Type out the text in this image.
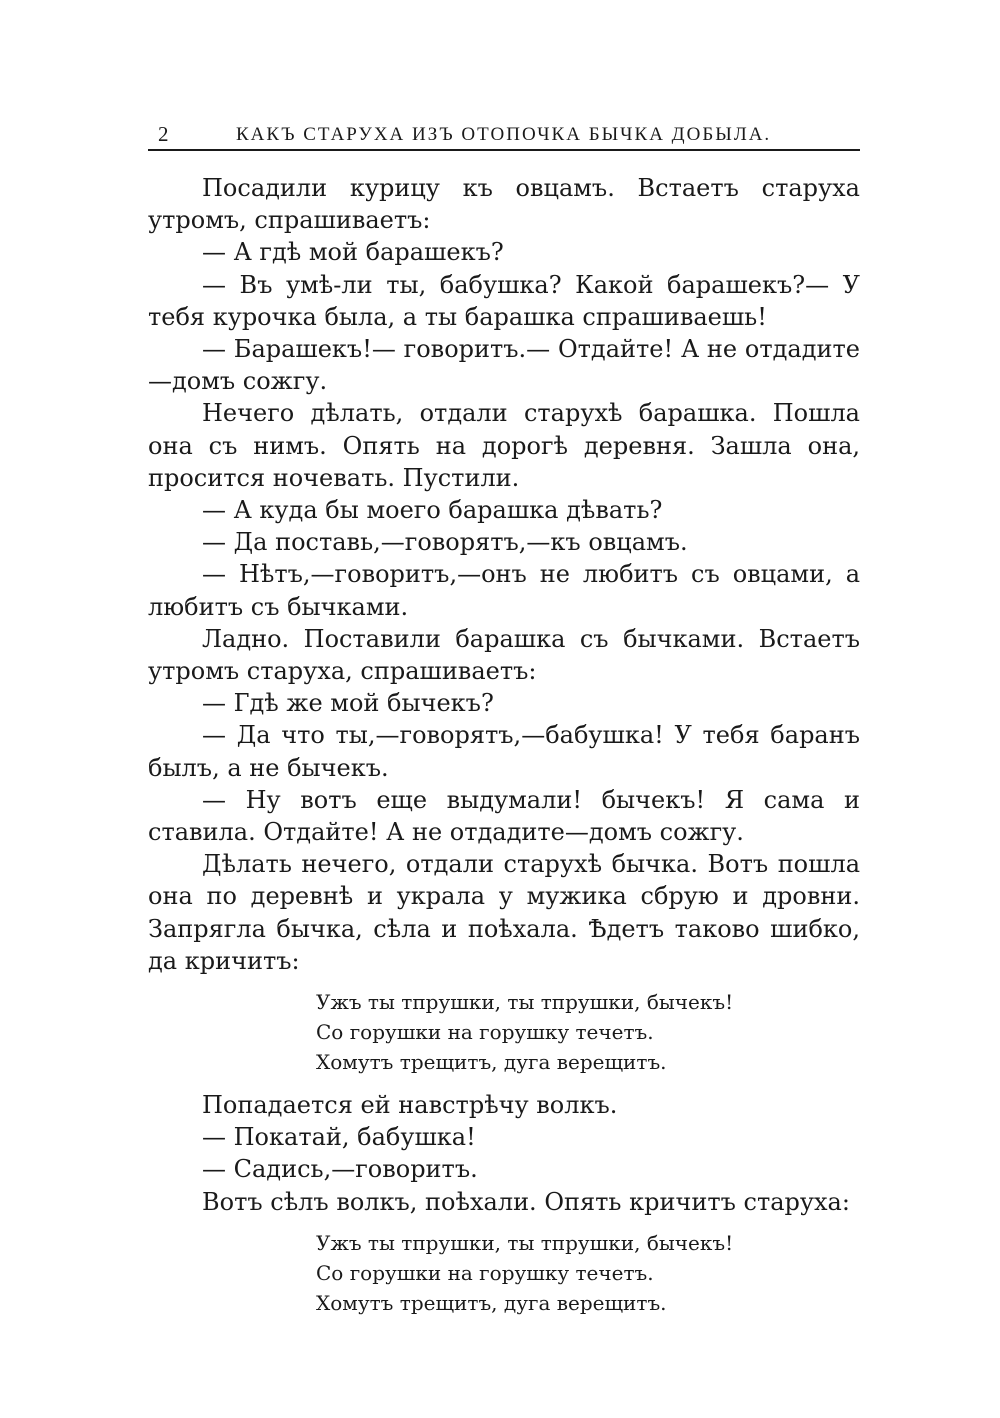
2	КАКЪ СТАРУХА ИЗЪ ОТОПОЧКА БЫЧКА ДОБЫЛА.

Посадили курицу къ овцамъ. Встаетъ старуха утромъ, спрашиваетъ:

— А гдѣ мой барашекъ?

— Въ умѣ-ли ты, бабушка? Какой барашекъ?— У тебя курочка была, а ты барашка спрашиваешь!

— Барашекъ!— говоритъ.— Отдайте! А не отдадите—домъ сожгу.

Нечего дѣлать, отдали старухѣ барашка. Пошла она съ нимъ. Опять на дорогѣ деревня. Зашла она, просится ночевать. Пустили.

— А куда бы моего барашка дѣвать?

— Да поставь,—говорятъ,—къ овцамъ.

— Нѣтъ,—говоритъ,—онъ не любитъ съ овцами, а любитъ съ бычками.

Ладно. Поставили барашка съ бычками. Встаетъ утромъ старуха, спрашиваетъ:

— Гдѣ же мой бычекъ?

— Да что ты,—говорятъ,—бабушка! У тебя баранъ былъ, а не бычекъ.

— Ну вотъ еще выдумали! бычекъ! Я сама и ставила. Отдайте! А не отдадите—домъ сожгу.

Дѣлать нечего, отдали старухѣ бычка. Вотъ пошла она по деревнѣ и украла у мужика сбрую и дровни. Запрягла бычка, сѣла и поѣхала. Ѣдетъ таково шибко, да кричитъ:

Ужъ ты тпрушки, ты тпрушки, бычекъ!
Со горушки на горушку течетъ.
Хомутъ трещитъ, дуга верещитъ.

Попадается ей навстрѣчу волкъ.

— Покатай, бабушка!

— Садись,—говоритъ.

Вотъ сѣлъ волкъ, поѣхали. Опять кричитъ старуха:

Ужъ ты тпрушки, ты тпрушки, бычекъ!
Со горушки на горушку течетъ.
Хомутъ трещитъ, дуга верещитъ.
